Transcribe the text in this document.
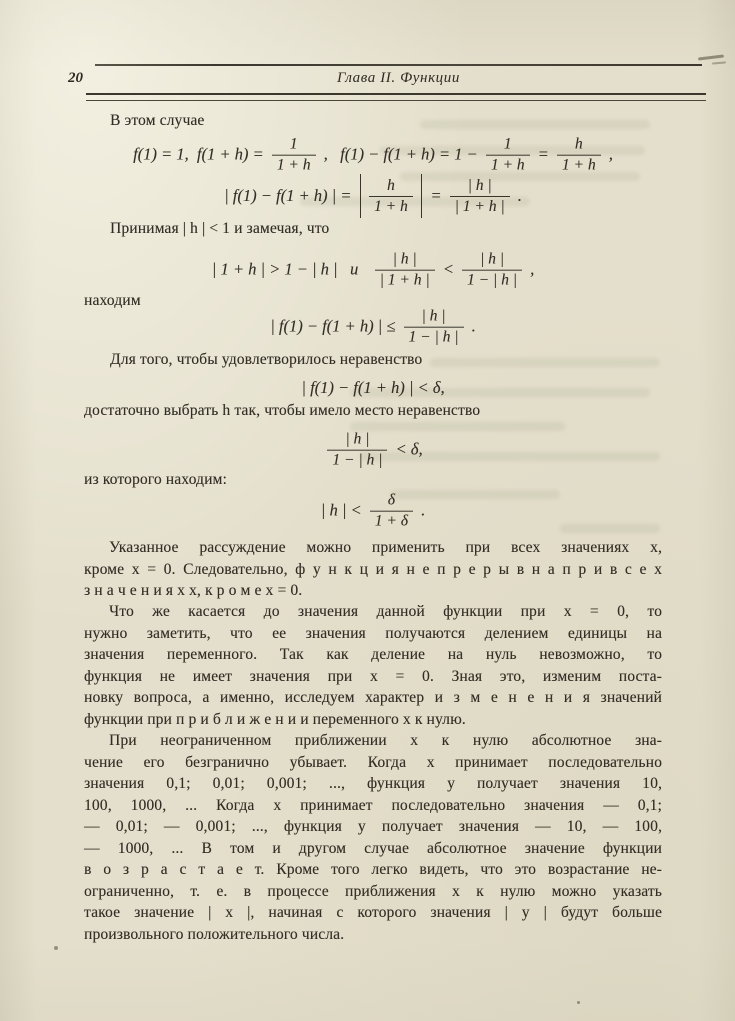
20	Глава II. Функции
В этом случае
f(1) = 1,  $f(1 + h) = \frac{1}{1 + h}$ ,   $f(1) - f(1 + h) = 1 - \frac{1}{1 + h} = \frac{h}{1 + h}$ ,
| f(1) − f(1 + h) | = $\frac{h}{1 + h} = \frac{| h |}{| 1 + h |}$ .
Принимая | h | < 1 и замечая, что
| 1 + h | > 1 − | h |   и $\frac{| h |}{| 1 + h |} < \frac{| h |}{1 - | h |}$ ,
находим
| f(1) − f(1 + h) | ≤ $\frac{| h |}{1 - | h |}$ .
Для того, чтобы удовлетворилось неравенство
| f(1) − f(1 + h) | < δ,
достаточно выбрать h так, чтобы имело место неравенство
$\frac{| h |}{1 - | h |} < \delta$,
из которого находим:
| h | < $\frac{\delta}{1 + \delta}$ .
Указанное рассуждение можно применить при всех значениях x,
кроме x = 0. Следовательно, ф у н к ц и я н е п р е р ы в н а п р и в с е х
з н а ч е н и я х x, к р о м е x = 0.
Что же касается до значения данной функции при x = 0, то
нужно заметить, что ее значения получаются делением единицы на
значения переменного. Так как деление на нуль невозможно, то
функция не имеет значения при x = 0. Зная это, изменим поста-
новку вопроса, а именно, исследуем характер и з м е н е н и я значений
функции при п р и б л и ж е н и и переменного x к нулю.
При неограниченном приближении x к нулю абсолютное зна-
чение его безгранично убывает. Когда x принимает последовательно
значения 0,1; 0,01; 0,001; ..., функция y получает значения 10,
100, 1000, ... Когда x принимает последовательно значения — 0,1;
— 0,01; — 0,001; ..., функция y получает значения — 10, — 100,
— 1000, ... В том и другом случае абсолютное значение функции
в о з р а с т а е т. Кроме того легко видеть, что это возрастание не-
ограниченно, т. е. в процессе приближения x к нулю можно указать
такое значение | x |, начиная с которого значения | y | будут больше
произвольного положительного числа.
